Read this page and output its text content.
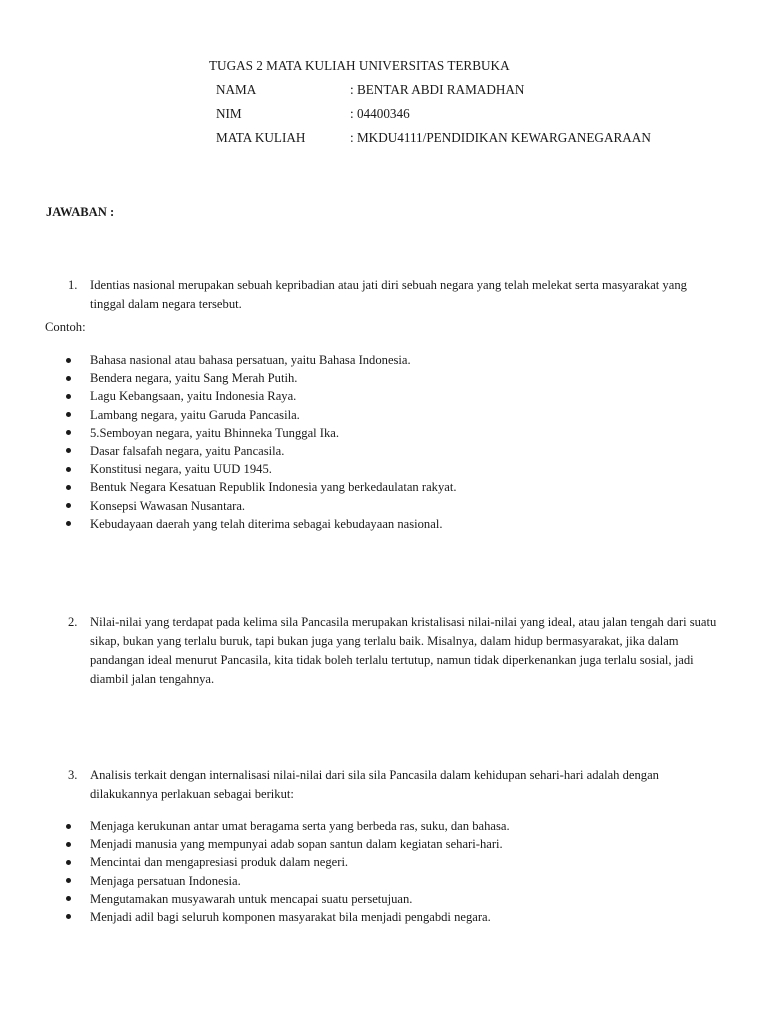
TUGAS 2 MATA KULIAH UNIVERSITAS TERBUKA
NAMA	: BENTAR ABDI RAMADHAN
NIM	: 04400346
MATA KULIAH	: MKDU4111/PENDIDIKAN KEWARGANEGARAAN
JAWABAN :
1. Identias nasional merupakan sebuah kepribadian atau jati diri sebuah negara yang telah melekat serta masyarakat yang tinggal dalam negara tersebut.
Contoh:
Bahasa nasional atau bahasa persatuan, yaitu Bahasa Indonesia.
Bendera negara, yaitu Sang Merah Putih.
Lagu Kebangsaan, yaitu Indonesia Raya.
Lambang negara, yaitu Garuda Pancasila.
5.Semboyan negara, yaitu Bhinneka Tunggal Ika.
Dasar falsafah negara, yaitu Pancasila.
Konstitusi negara, yaitu UUD 1945.
Bentuk Negara Kesatuan Republik Indonesia yang berkedaulatan rakyat.
Konsepsi Wawasan Nusantara.
Kebudayaan daerah yang telah diterima sebagai kebudayaan nasional.
2. Nilai-nilai yang terdapat pada kelima sila Pancasila merupakan kristalisasi nilai-nilai yang ideal, atau jalan tengah dari suatu sikap, bukan yang terlalu buruk, tapi bukan juga yang terlalu baik. Misalnya, dalam hidup bermasyarakat, jika dalam pandangan ideal menurut Pancasila, kita tidak boleh terlalu tertutup, namun tidak diperkenankan juga terlalu sosial, jadi diambil jalan tengahnya.
3. Analisis terkait dengan internalisasi nilai-nilai dari sila sila Pancasila dalam kehidupan sehari-hari adalah dengan dilakukannya perlakuan sebagai berikut:
Menjaga kerukunan antar umat beragama serta yang berbeda ras, suku, dan bahasa.
Menjadi manusia yang mempunyai adab sopan santun dalam kegiatan sehari-hari.
Mencintai dan mengapresiasi produk dalam negeri.
Menjaga persatuan Indonesia.
Mengutamakan musyawarah untuk mencapai suatu persetujuan.
Menjadi adil bagi seluruh komponen masyarakat bila menjadi pengabdi negara.
